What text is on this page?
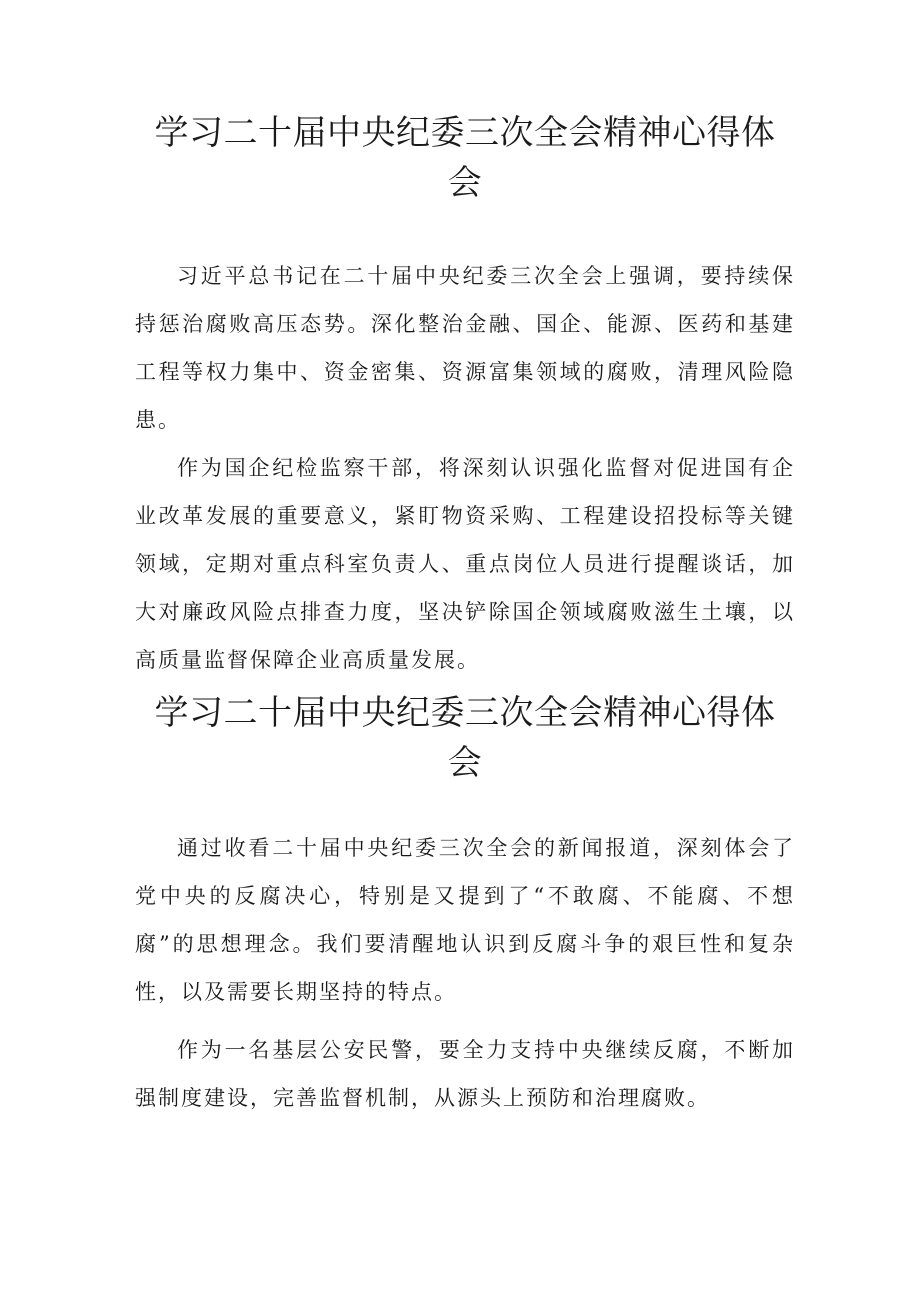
学习二十届中央纪委三次全会精神心得体
会

习近平总书记在二十届中央纪委三次全会上强调，要持续保持惩治腐败高压态势。深化整治金融、国企、能源、医药和基建工程等权力集中、资金密集、资源富集领域的腐败，清理风险隐患。

作为国企纪检监察干部，将深刻认识强化监督对促进国有企业改革发展的重要意义，紧盯物资采购、工程建设招投标等关键领域，定期对重点科室负责人、重点岗位人员进行提醒谈话，加大对廉政风险点排查力度，坚决铲除国企领域腐败滋生土壤，以高质量监督保障企业高质量发展。

学习二十届中央纪委三次全会精神心得体
会

通过收看二十届中央纪委三次全会的新闻报道，深刻体会了党中央的反腐决心，特别是又提到了“不敢腐、不能腐、不想腐”的思想理念。我们要清醒地认识到反腐斗争的艰巨性和复杂性，以及需要长期坚持的特点。

作为一名基层公安民警，要全力支持中央继续反腐，不断加强制度建设，完善监督机制，从源头上预防和治理腐败。
